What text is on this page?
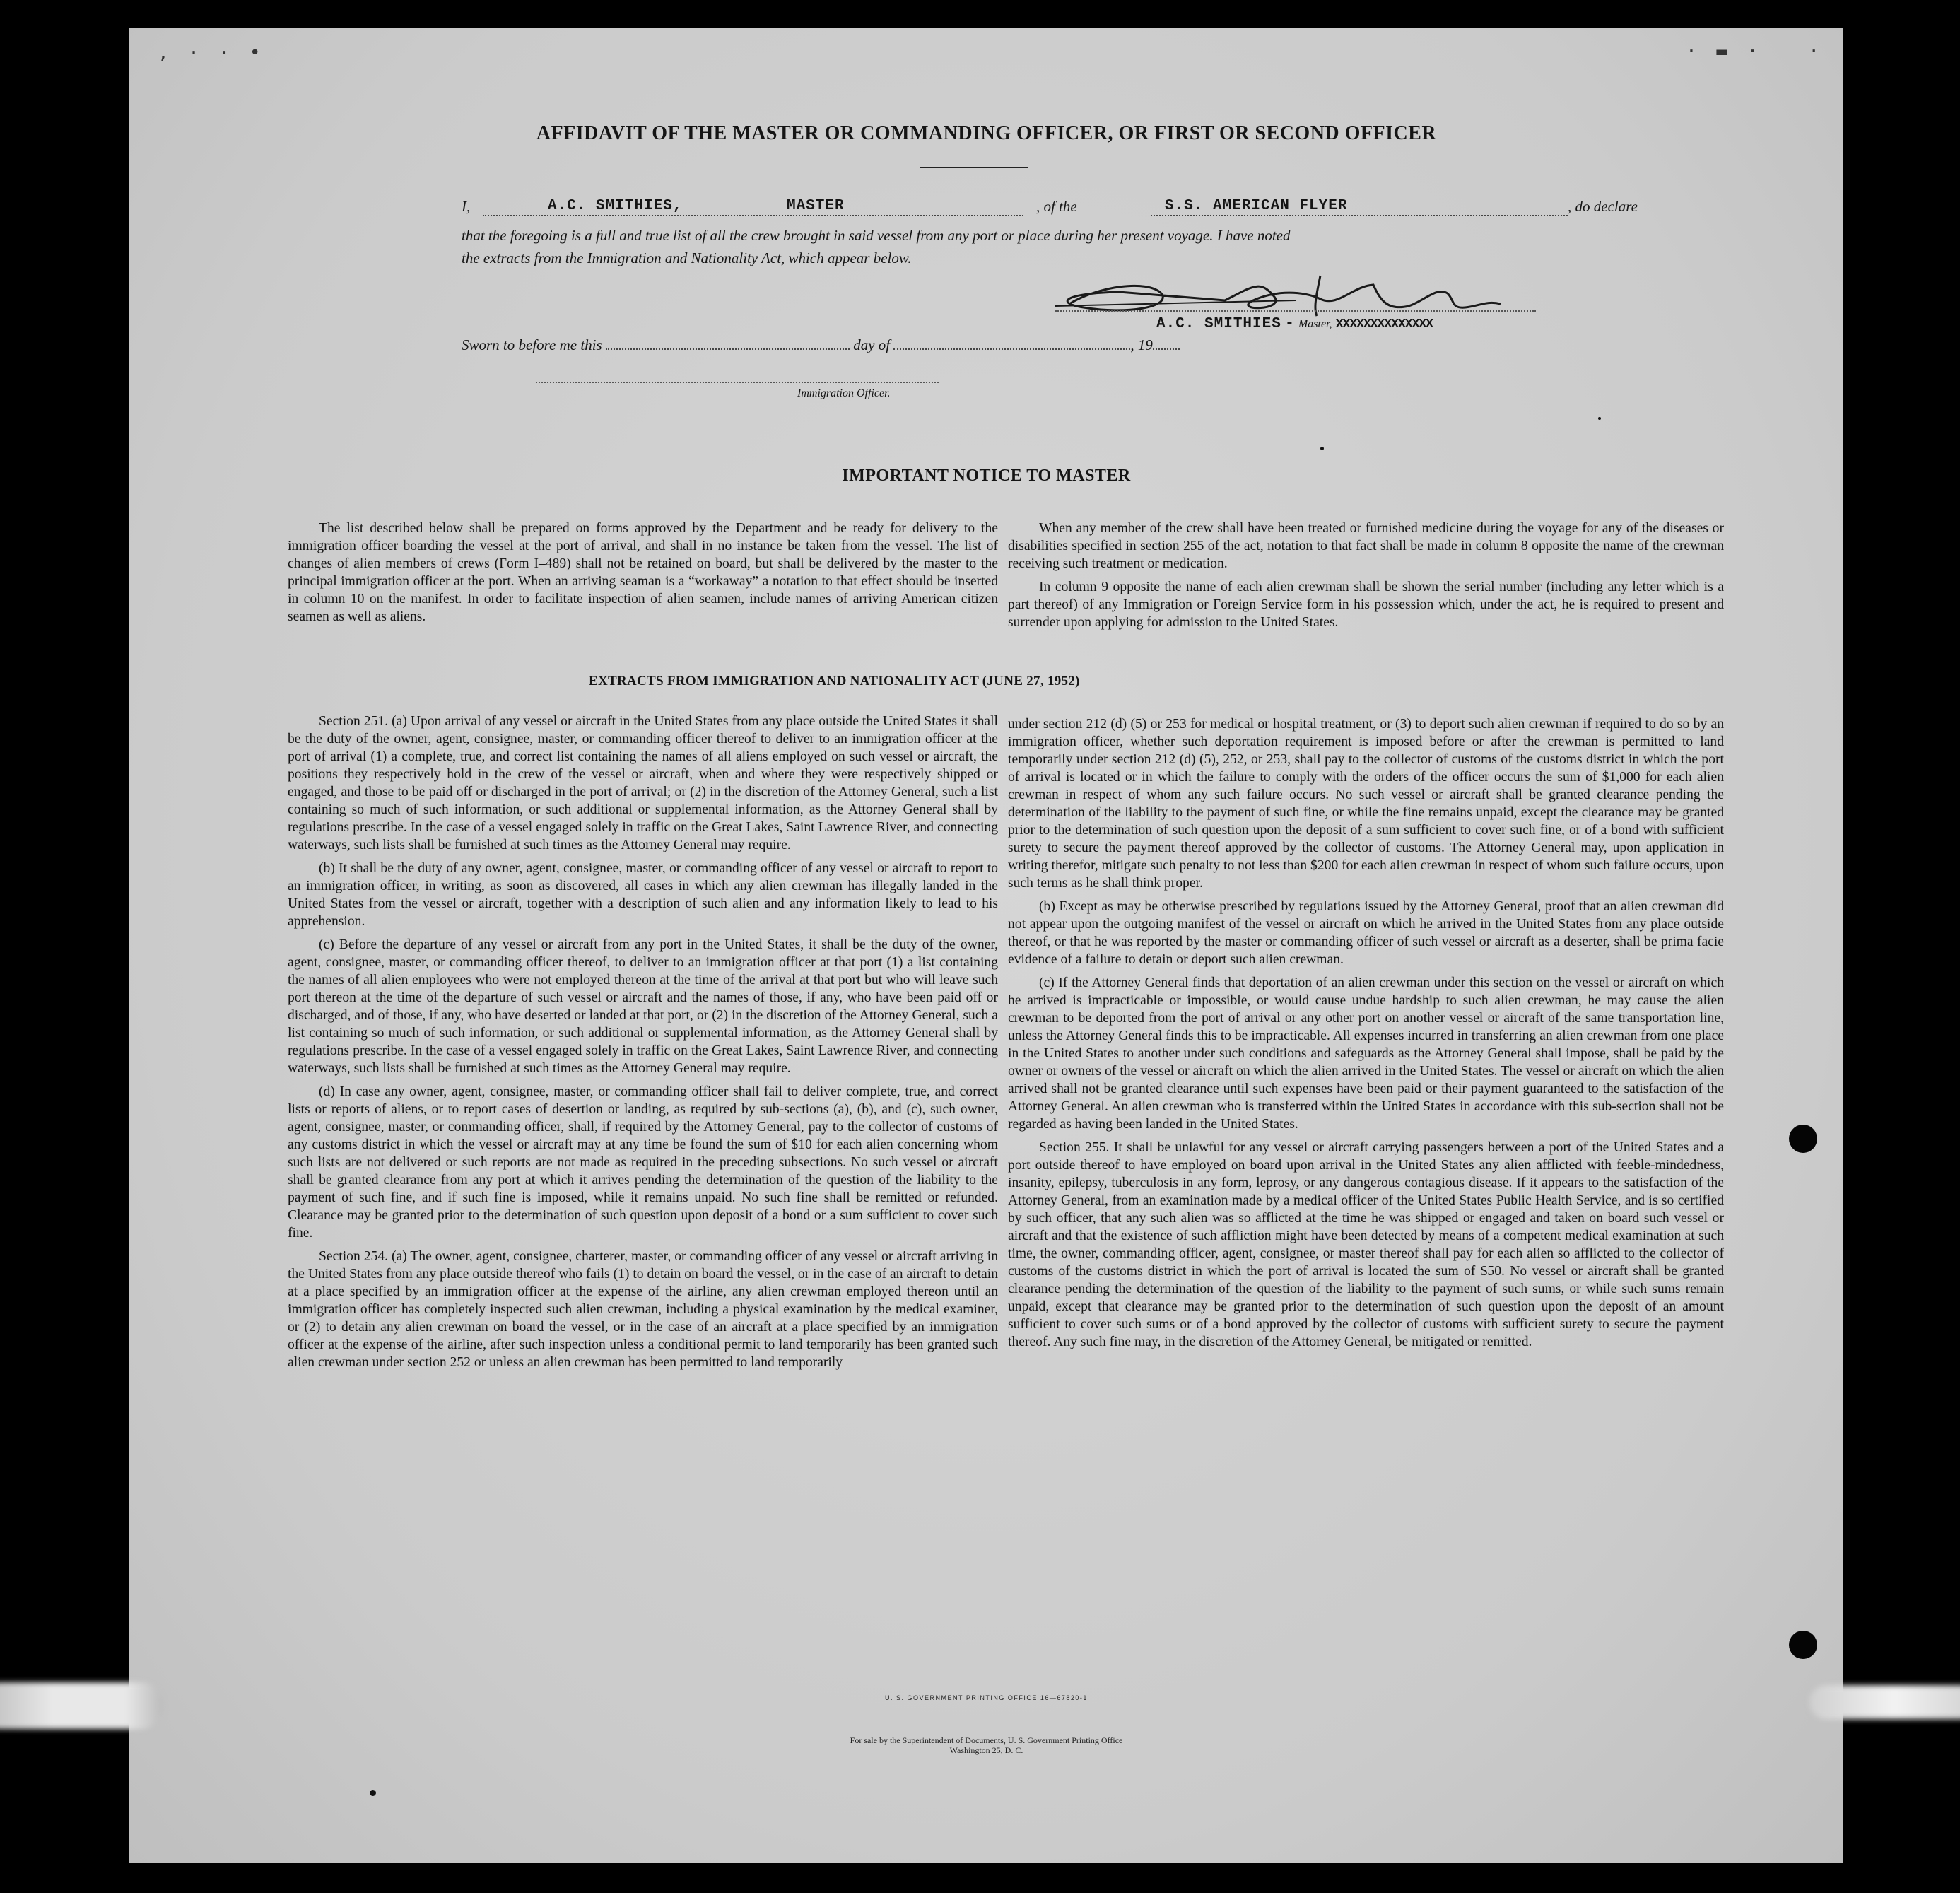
, · · •	· ▬ · _ ·
AFFIDAVIT OF THE MASTER OR COMMANDING OFFICER, OR FIRST OR SECOND OFFICER
I,	A.C. SMITHIES,	MASTER	, of the	S.S. AMERICAN FLYER	, do declare
that the foregoing is a full and true list of all the crew brought in said vessel from any port or place during her present voyage. I have noted
the extracts from the Immigration and Nationality Act, which appear below.
A.C. SMITHIES - Master, XXXXXXXXXXXXXX
Sworn to before me this	day of	, 19
Immigration Officer.
IMPORTANT NOTICE TO MASTER

The list described below shall be prepared on forms approved by the Department and be ready for delivery to the immigration officer boarding the vessel at the port of arrival, and shall in no instance be taken from the vessel. The list of changes of alien members of crews (Form I–489) shall not be retained on board, but shall be delivered by the master to the principal immigration officer at the port. When an arriving seaman is a “workaway” a notation to that effect should be inserted in column 10 on the manifest. In order to facilitate inspection of alien seamen, include names of arriving American citizen seamen as well as aliens.

When any member of the crew shall have been treated or furnished medicine during the voyage for any of the diseases or disabilities specified in section 255 of the act, notation to that fact shall be made in column 8 opposite the name of the crewman receiving such treatment or medication.

In column 9 opposite the name of each alien crewman shall be shown the serial number (including any letter which is a part thereof) of any Immigration or Foreign Service form in his possession which, under the act, he is required to present and surrender upon applying for admission to the United States.

EXTRACTS FROM IMMIGRATION AND NATIONALITY ACT (JUNE 27, 1952)

Section 251. (a) Upon arrival of any vessel or aircraft in the United States from any place outside the United States it shall be the duty of the owner, agent, consignee, master, or commanding officer thereof to deliver to an immigration officer at the port of arrival (1) a complete, true, and correct list containing the names of all aliens employed on such vessel or aircraft, the positions they respectively hold in the crew of the vessel or aircraft, when and where they were respectively shipped or engaged, and those to be paid off or discharged in the port of arrival; or (2) in the discretion of the Attorney General, such a list containing so much of such information, or such additional or supplemental information, as the Attorney General shall by regulations prescribe. In the case of a vessel engaged solely in traffic on the Great Lakes, Saint Lawrence River, and connecting waterways, such lists shall be furnished at such times as the Attorney General may require.

(b) It shall be the duty of any owner, agent, consignee, master, or commanding officer of any vessel or aircraft to report to an immigration officer, in writing, as soon as discovered, all cases in which any alien crewman has illegally landed in the United States from the vessel or aircraft, together with a description of such alien and any information likely to lead to his apprehension.

(c) Before the departure of any vessel or aircraft from any port in the United States, it shall be the duty of the owner, agent, consignee, master, or commanding officer thereof, to deliver to an immigration officer at that port (1) a list containing the names of all alien employees who were not employed thereon at the time of the arrival at that port but who will leave such port thereon at the time of the departure of such vessel or aircraft and the names of those, if any, who have been paid off or discharged, and of those, if any, who have deserted or landed at that port, or (2) in the discretion of the Attorney General, such a list containing so much of such information, or such additional or supplemental information, as the Attorney General shall by regulations prescribe. In the case of a vessel engaged solely in traffic on the Great Lakes, Saint Lawrence River, and connecting waterways, such lists shall be furnished at such times as the Attorney General may require.

(d) In case any owner, agent, consignee, master, or commanding officer shall fail to deliver complete, true, and correct lists or reports of aliens, or to report cases of desertion or landing, as required by sub-sections (a), (b), and (c), such owner, agent, consignee, master, or commanding officer, shall, if required by the Attorney General, pay to the collector of customs of any customs district in which the vessel or aircraft may at any time be found the sum of $10 for each alien concerning whom such lists are not delivered or such reports are not made as required in the preceding subsections. No such vessel or aircraft shall be granted clearance from any port at which it arrives pending the determination of the question of the liability to the payment of such fine, and if such fine is imposed, while it remains unpaid. No such fine shall be remitted or refunded. Clearance may be granted prior to the determination of such question upon deposit of a bond or a sum sufficient to cover such fine.

Section 254. (a) The owner, agent, consignee, charterer, master, or commanding officer of any vessel or aircraft arriving in the United States from any place outside thereof who fails (1) to detain on board the vessel, or in the case of an aircraft to detain at a place specified by an immigration officer at the expense of the airline, any alien crewman employed thereon until an immigration officer has completely inspected such alien crewman, including a physical examination by the medical examiner, or (2) to detain any alien crewman on board the vessel, or in the case of an aircraft at a place specified by an immigration officer at the expense of the airline, after such inspection unless a conditional permit to land temporarily has been granted such alien crewman under section 252 or unless an alien crewman has been permitted to land temporarily

under section 212 (d) (5) or 253 for medical or hospital treatment, or (3) to deport such alien crewman if required to do so by an immigration officer, whether such deportation requirement is imposed before or after the crewman is permitted to land temporarily under section 212 (d) (5), 252, or 253, shall pay to the collector of customs of the customs district in which the port of arrival is located or in which the failure to comply with the orders of the officer occurs the sum of $1,000 for each alien crewman in respect of whom any such failure occurs. No such vessel or aircraft shall be granted clearance pending the determination of the liability to the payment of such fine, or while the fine remains unpaid, except the clearance may be granted prior to the determination of such question upon the deposit of a sum sufficient to cover such fine, or of a bond with sufficient surety to secure the payment thereof approved by the collector of customs. The Attorney General may, upon application in writing therefor, mitigate such penalty to not less than $200 for each alien crewman in respect of whom such failure occurs, upon such terms as he shall think proper.

(b) Except as may be otherwise prescribed by regulations issued by the Attorney General, proof that an alien crewman did not appear upon the outgoing manifest of the vessel or aircraft on which he arrived in the United States from any place outside thereof, or that he was reported by the master or commanding officer of such vessel or aircraft as a deserter, shall be prima facie evidence of a failure to detain or deport such alien crewman.

(c) If the Attorney General finds that deportation of an alien crewman under this section on the vessel or aircraft on which he arrived is impracticable or impossible, or would cause undue hardship to such alien crewman, he may cause the alien crewman to be deported from the port of arrival or any other port on another vessel or aircraft of the same transportation line, unless the Attorney General finds this to be impracticable. All expenses incurred in transferring an alien crewman from one place in the United States to another under such conditions and safeguards as the Attorney General shall impose, shall be paid by the owner or owners of the vessel or aircraft on which the alien arrived in the United States. The vessel or aircraft on which the alien arrived shall not be granted clearance until such expenses have been paid or their payment guaranteed to the satisfaction of the Attorney General. An alien crewman who is transferred within the United States in accordance with this sub-section shall not be regarded as having been landed in the United States.

Section 255. It shall be unlawful for any vessel or aircraft carrying passengers between a port of the United States and a port outside thereof to have employed on board upon arrival in the United States any alien afflicted with feeble-mindedness, insanity, epilepsy, tuberculosis in any form, leprosy, or any dangerous contagious disease. If it appears to the satisfaction of the Attorney General, from an examination made by a medical officer of the United States Public Health Service, and is so certified by such officer, that any such alien was so afflicted at the time he was shipped or engaged and taken on board such vessel or aircraft and that the existence of such affliction might have been detected by means of a competent medical examination at such time, the owner, commanding officer, agent, consignee, or master thereof shall pay for each alien so afflicted to the collector of customs of the customs district in which the port of arrival is located the sum of $50. No vessel or aircraft shall be granted clearance pending the determination of the question of the liability to the payment of such sums, or while such sums remain unpaid, except that clearance may be granted prior to the determination of such question upon the deposit of an amount sufficient to cover such sums or of a bond approved by the collector of customs with sufficient surety to secure the payment thereof. Any such fine may, in the discretion of the Attorney General, be mitigated or remitted.

U. S. GOVERNMENT PRINTING OFFICE 16—67820-1
For sale by the Superintendent of Documents, U. S. Government Printing Office
Washington 25, D. C.
